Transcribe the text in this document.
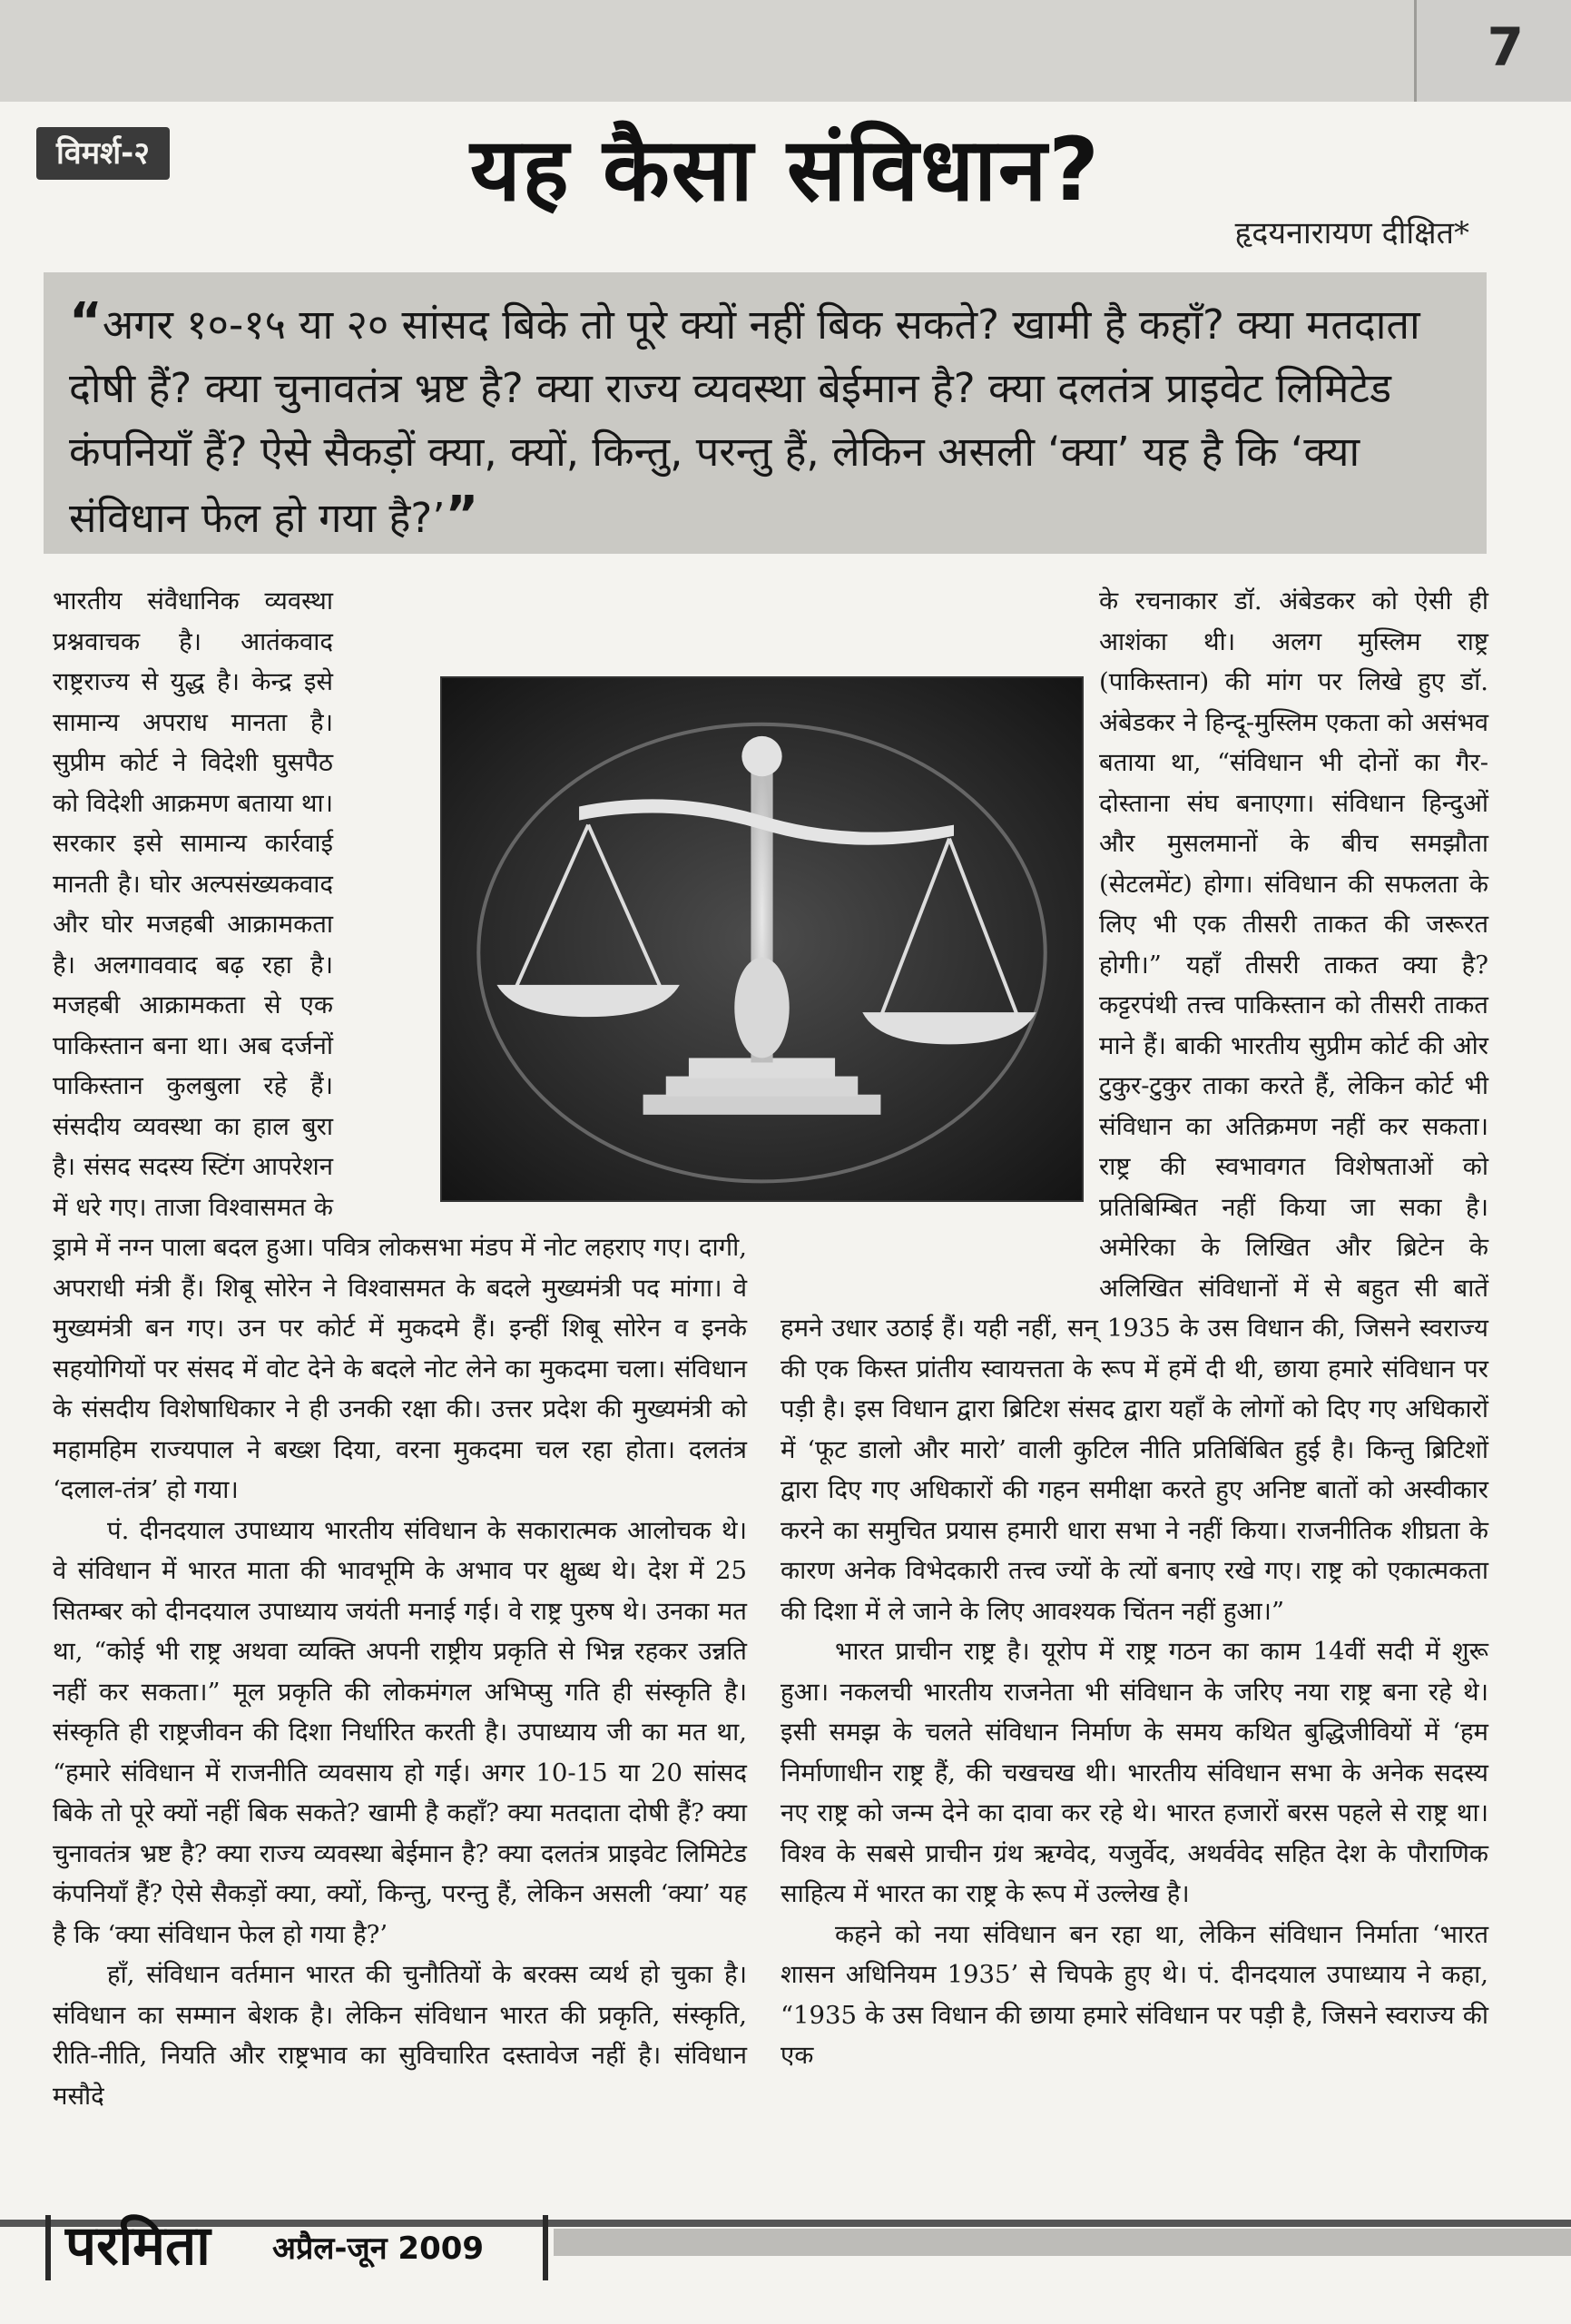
7
विमर्श-२	यह कैसा संविधान?
हृदयनारायण दीक्षित*
“अगर १०-१५ या २० सांसद बिके तो पूरे क्यों नहीं बिक सकते? खामी है कहाँ? क्या मतदाता दोषी हैं? क्या चुनावतंत्र भ्रष्ट है? क्या राज्य व्यवस्था बेईमान है? क्या दलतंत्र प्राइवेट लिमिटेड कंपनियाँ हैं? ऐसे सैकड़ों क्या, क्यों, किन्तु, परन्तु हैं, लेकिन असली ‘क्या’ यह है कि ‘क्या संविधान फेल हो गया है?’”

भारतीय संवैधानिक व्यवस्था प्रश्नवाचक है। आतंकवाद राष्ट्रराज्य से युद्ध है। केन्द्र इसे सामान्य अपराध मानता है। सुप्रीम कोर्ट ने विदेशी घुसपैठ को विदेशी आक्रमण बताया था। सरकार इसे सामान्य कार्रवाई मानती है। घोर अल्पसंख्यकवाद और घोर मजहबी आक्रामकता है। अलगाववाद बढ़ रहा है। मजहबी आक्रामकता से एक पाकिस्तान बना था। अब दर्जनों पाकिस्तान कुलबुला रहे हैं। संसदीय व्यवस्था का हाल बुरा है। संसद सदस्य स्टिंग आपरेशन में धरे गए। ताजा विश्वासमत के ड्रामे में नग्न पाला बदल हुआ। पवित्र लोकसभा मंडप में नोट लहराए गए। दागी, अपराधी मंत्री हैं। शिबू सोरेन ने विश्वासमत के बदले मुख्यमंत्री पद मांगा। वे मुख्यमंत्री बन गए। उन पर कोर्ट में मुकदमे हैं। इन्हीं शिबू सोरेन व इनके सहयोगियों पर संसद में वोट देने के बदले नोट लेने का मुकदमा चला। संविधान के संसदीय विशेषाधिकार ने ही उनकी रक्षा की। उत्तर प्रदेश की मुख्यमंत्री को महामहिम राज्यपाल ने बख्श दिया, वरना मुकदमा चल रहा होता। दलतंत्र ‘दलाल-तंत्र’ हो गया।

पं. दीनदयाल उपाध्याय भारतीय संविधान के सकारात्मक आलोचक थे। वे संविधान में भारत माता की भावभूमि के अभाव पर क्षुब्ध थे। देश में 25 सितम्बर को दीनदयाल उपाध्याय जयंती मनाई गई। वे राष्ट्र पुरुष थे। उनका मत था, “कोई भी राष्ट्र अथवा व्यक्ति अपनी राष्ट्रीय प्रकृति से भिन्न रहकर उन्नति नहीं कर सकता।” मूल प्रकृति की लोकमंगल अभिप्सु गति ही संस्कृति है। संस्कृति ही राष्ट्रजीवन की दिशा निर्धारित करती है। उपाध्याय जी का मत था, “हमारे संविधान में राजनीति व्यवसाय हो गई। अगर 10-15 या 20 सांसद बिके तो पूरे क्यों नहीं बिक सकते? खामी है कहाँ? क्या मतदाता दोषी हैं? क्या चुनावतंत्र भ्रष्ट है? क्या राज्य व्यवस्था बेईमान है? क्या दलतंत्र प्राइवेट लिमिटेड कंपनियाँ हैं? ऐसे सैकड़ों क्या, क्यों, किन्तु, परन्तु हैं, लेकिन असली ‘क्या’ यह है कि ‘क्या संविधान फेल हो गया है?’

हाँ, संविधान वर्तमान भारत की चुनौतियों के बरक्स व्यर्थ हो चुका है। संविधान का सम्मान बेशक है। लेकिन संविधान भारत की प्रकृति, संस्कृति, रीति-नीति, नियति और राष्ट्रभाव का सुविचारित दस्तावेज नहीं है। संविधान मसौदे

के रचनाकार डॉ. अंबेडकर को ऐसी ही आशंका थी। अलग मुस्लिम राष्ट्र (पाकिस्तान) की मांग पर लिखे हुए डॉ. अंबेडकर ने हिन्दू-मुस्लिम एकता को असंभव बताया था, “संविधान भी दोनों का गैर-दोस्ताना संघ बनाएगा। संविधान हिन्दुओं और मुसलमानों के बीच समझौता (सेटलमेंट) होगा। संविधान की सफलता के लिए भी एक तीसरी ताकत की जरूरत होगी।” यहाँ तीसरी ताकत क्या है? कट्टरपंथी तत्त्व पाकिस्तान को तीसरी ताकत माने हैं। बाकी भारतीय सुप्रीम कोर्ट की ओर टुकुर-टुकुर ताका करते हैं, लेकिन कोर्ट भी संविधान का अतिक्रमण नहीं कर सकता। राष्ट्र की स्वभावगत विशेषताओं को प्रतिबिम्बित नहीं किया जा सका है। अमेरिका के लिखित और ब्रिटेन के अलिखित संविधानों में से बहुत सी बातें हमने उधार उठाई हैं। यही नहीं, सन् 1935 के उस विधान की, जिसने स्वराज्य की एक किस्त प्रांतीय स्वायत्तता के रूप में हमें दी थी, छाया हमारे संविधान पर पड़ी है। इस विधान द्वारा ब्रिटिश संसद द्वारा यहाँ के लोगों को दिए गए अधिकारों में ‘फूट डालो और मारो’ वाली कुटिल नीति प्रतिबिंबित हुई है। किन्तु ब्रिटिशों द्वारा दिए गए अधिकारों की गहन समीक्षा करते हुए अनिष्ट बातों को अस्वीकार करने का समुचित प्रयास हमारी धारा सभा ने नहीं किया। राजनीतिक शीघ्रता के कारण अनेक विभेदकारी तत्त्व ज्यों के त्यों बनाए रखे गए। राष्ट्र को एकात्मकता की दिशा में ले जाने के लिए आवश्यक चिंतन नहीं हुआ।”

भारत प्राचीन राष्ट्र है। यूरोप में राष्ट्र गठन का काम 14वीं सदी में शुरू हुआ। नकलची भारतीय राजनेता भी संविधान के जरिए नया राष्ट्र बना रहे थे। इसी समझ के चलते संविधान निर्माण के समय कथित बुद्धिजीवियों में ‘हम निर्माणाधीन राष्ट्र हैं, की चखचख थी। भारतीय संविधान सभा के अनेक सदस्य नए राष्ट्र को जन्म देने का दावा कर रहे थे। भारत हजारों बरस पहले से राष्ट्र था। विश्व के सबसे प्राचीन ग्रंथ ऋग्वेद, यजुर्वेद, अथर्ववेद सहित देश के पौराणिक साहित्य में भारत का राष्ट्र के रूप में उल्लेख है।

कहने को नया संविधान बन रहा था, लेकिन संविधान निर्माता ‘भारत शासन अधिनियम 1935’ से चिपके हुए थे। पं. दीनदयाल उपाध्याय ने कहा, “1935 के उस विधान की छाया हमारे संविधान पर पड़ी है, जिसने स्वराज्य की एक

परमिता अप्रैल-जून 2009
